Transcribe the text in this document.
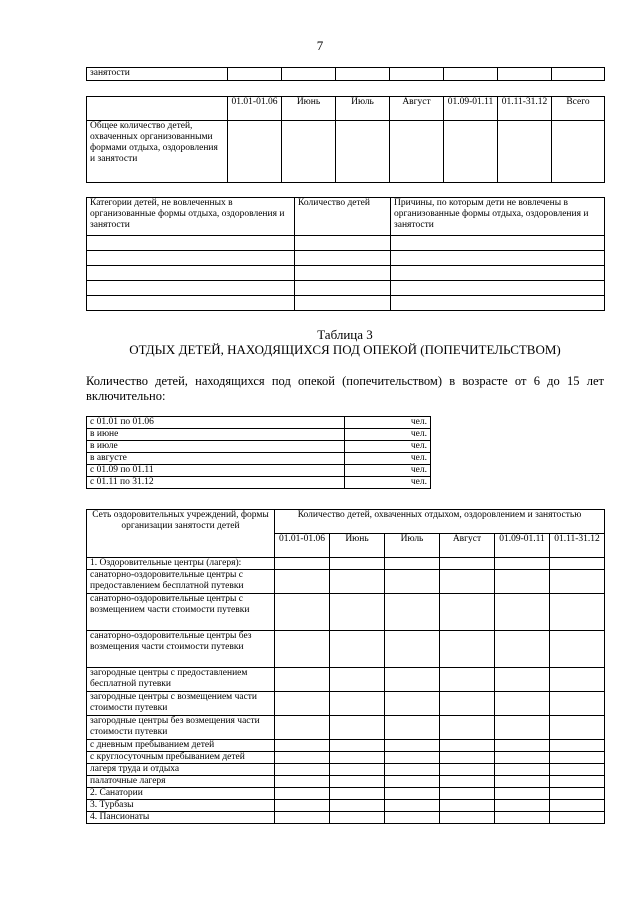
7
занятости							
	01.01-01.06	Июнь	Июль	Август	01.09-01.11	01.11-31.12	Всего
Общее количество детей, охваченных организованными формами отдыха, оздоровления и занятости							
Категории детей, не вовлеченных в организованные формы отдыха, оздоровления и занятости	Количество детей	Причины, по которым дети не вовлечены в организованные формы отдыха, оздоровления и занятости

Таблица 3
ОТДЫХ ДЕТЕЙ, НАХОДЯЩИХСЯ ПОД ОПЕКОЙ (ПОПЕЧИТЕЛЬСТВОМ)
Количество детей, находящихся под опекой (попечительством) в возрасте от 6 до 15 лет включительно:
с 01.01 по 01.06	чел.
в июне	чел.
в июле	чел.
в августе	чел.
с 01.09 по 01.11	чел.
с 01.11 по 31.12	чел.
Сеть оздоровительных учреждений, формы организации занятости детей	Количество детей, охваченных отдыхом, оздоровлением и занятостью					
	01.01-01.06	Июнь	Июль	Август	01.09-01.11	01.11-31.12
1. Оздоровительные центры (лагеря):						
санаторно-оздоровительные центры с предоставлением бесплатной путевки						
санаторно-оздоровительные центры с возмещением части стоимости путевки						
санаторно-оздоровительные центры без возмещения части стоимости путевки						
загородные центры с предоставлением бесплатной путевки						
загородные центры с возмещением части стоимости путевки						
загородные центры без возмещения части стоимости путевки						
с дневным пребыванием детей						
с круглосуточным пребыванием детей						
лагеря труда и отдыха						
палаточные лагеря						
2. Санатории						
3. Турбазы						
4. Пансионаты						
